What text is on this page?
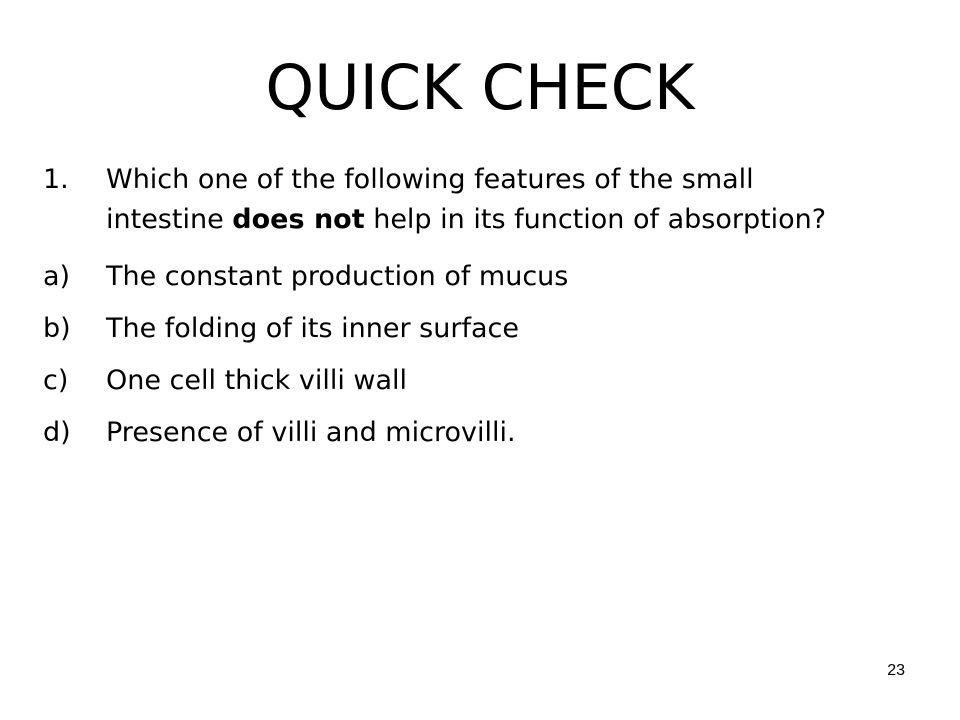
QUICK CHECK
1.	Which one of the following features of the small intestine does not help in its function of absorption?
a)	The constant production of mucus
b)	The folding of its inner surface
c)	One cell thick villi wall
d)	Presence of villi and microvilli.
23
